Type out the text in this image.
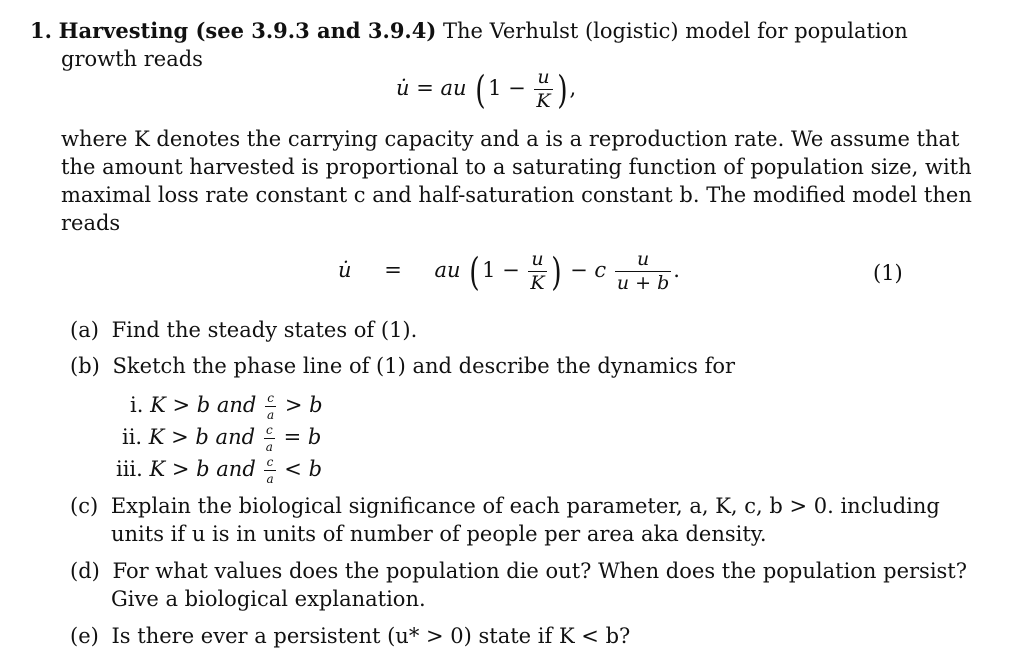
1. Harvesting (see 3.9.3 and 3.9.4) The Verhulst (logistic) model for population
growth reads
u̇ = au ( $1 - \frac{u}{K}$ ) ,
where K denotes the carrying capacity and a is a reproduction rate. We assume that
the amount harvested is proportional to a saturating function of population size, with
maximal loss rate constant c and half-saturation constant b. The modified model then
reads
u̇ = au ( $1 - \frac{u}{K}$ ) − c $\frac{u}{u + b}$ .	(1)
(a) Find the steady states of (1).
(b) Sketch the phase line of (1) and describe the dynamics for
i. K > b and $\frac{c}{a} > b$
ii. K > b and $\frac{c}{a} = b$
iii. K > b and $\frac{c}{a} < b$
(c) Explain the biological significance of each parameter, a, K, c, b > 0. including
units if u is in units of number of people per area aka density.
(d) For what values does the population die out? When does the population persist?
Give a biological explanation.
(e) Is there ever a persistent (u* > 0) state if K < b?
